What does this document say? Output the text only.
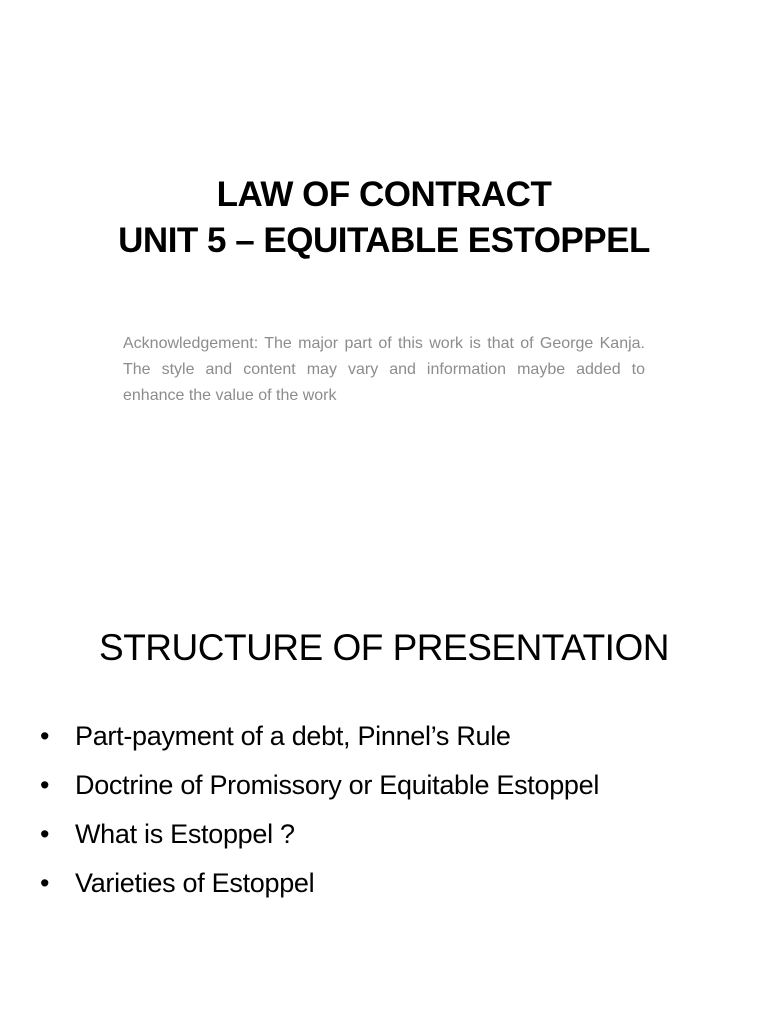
LAW OF CONTRACT
UNIT 5 – EQUITABLE ESTOPPEL

Acknowledgement: The major part of this work is that of George Kanja. The style and content may vary and information maybe added to enhance the value of the work

STRUCTURE OF PRESENTATION
• Part-payment of a debt, Pinnel’s Rule
• Doctrine of Promissory or Equitable Estoppel
• What is Estoppel ?
• Varieties of Estoppel
